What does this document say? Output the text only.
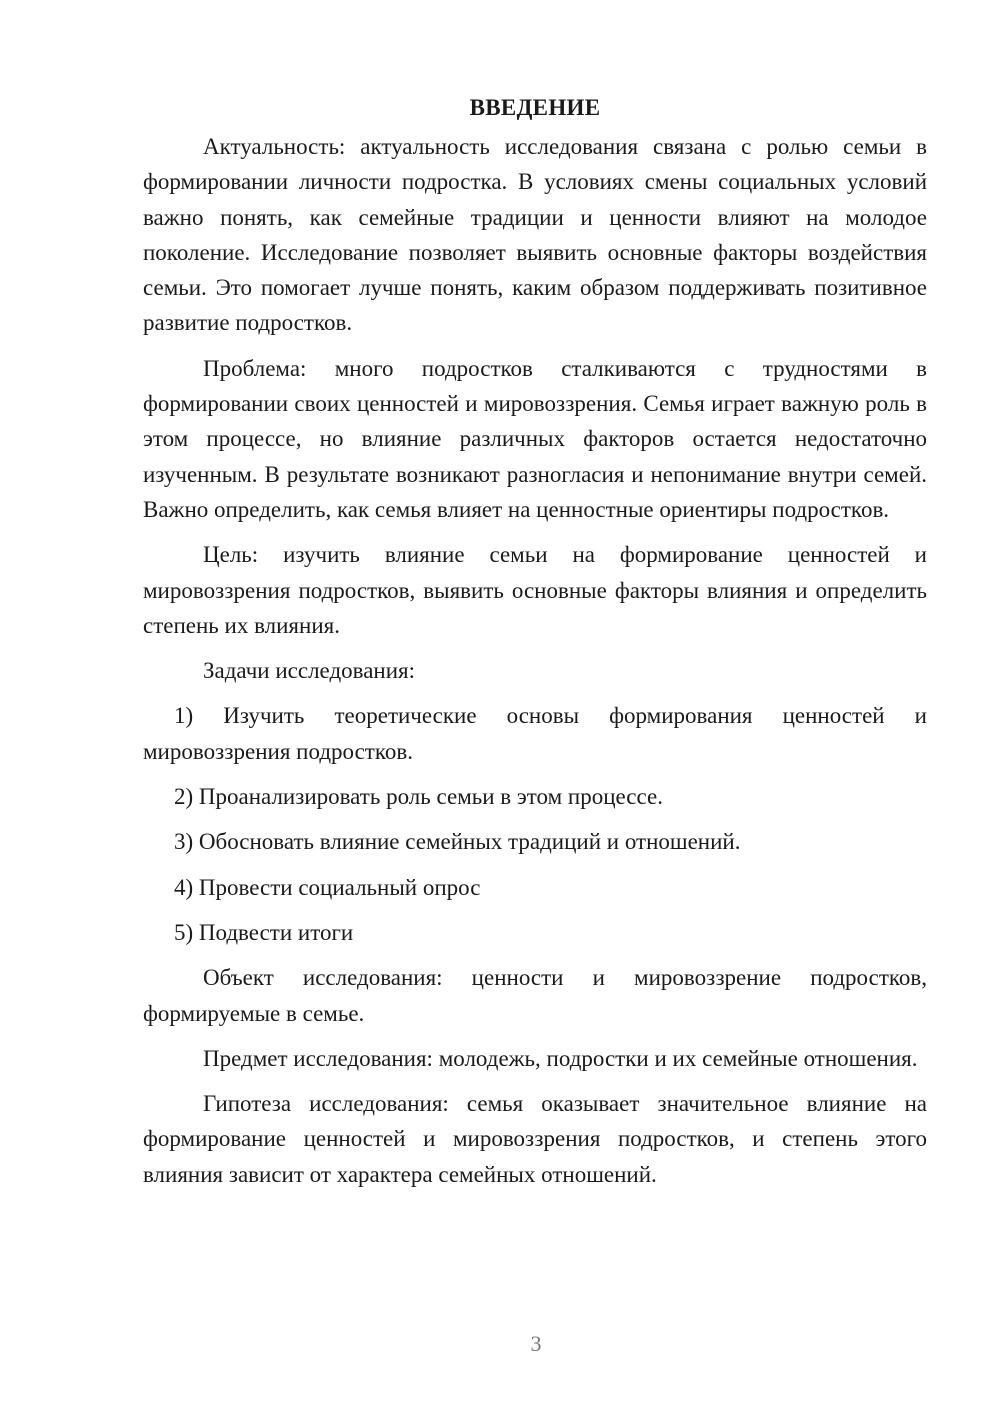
ВВЕДЕНИЕ

Актуальность: актуальность исследования связана с ролью семьи в формировании личности подростка. В условиях смены социальных условий важно понять, как семейные традиции и ценности влияют на молодое поколение. Исследование позволяет выявить основные факторы воздействия семьи. Это помогает лучше понять, каким образом поддерживать позитивное развитие подростков.

Проблема: много подростков сталкиваются с трудностями в формировании своих ценностей и мировоззрения. Семья играет важную роль в этом процессе, но влияние различных факторов остается недостаточно изученным. В результате возникают разногласия и непонимание внутри семей. Важно определить, как семья влияет на ценностные ориентиры подростков.

Цель: изучить влияние семьи на формирование ценностей и мировоззрения подростков, выявить основные факторы влияния и определить степень их влияния.

Задачи исследования:

1) Изучить теоретические основы формирования ценностей и мировоззрения подростков.

2) Проанализировать роль семьи в этом процессе.

3) Обосновать влияние семейных традиций и отношений.

4) Провести социальный опрос

5) Подвести итоги

Объект исследования: ценности и мировоззрение подростков, формируемые в семье.

Предмет исследования: молодежь, подростки и их семейные отношения.

Гипотеза исследования: семья оказывает значительное влияние на формирование ценностей и мировоззрения подростков, и степень этого влияния зависит от характера семейных отношений.

3
